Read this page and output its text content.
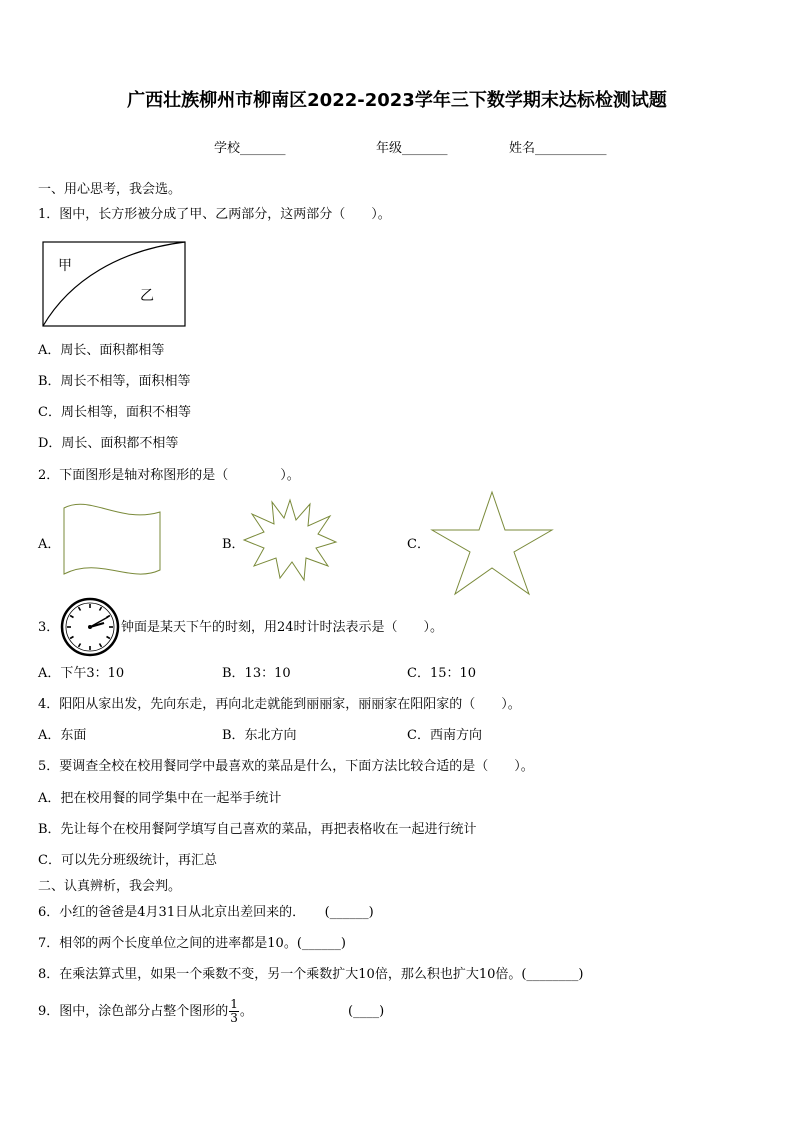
广西壮族柳州市柳南区2022-2023学年三下数学期末达标检测试题
学校_______	年级_______	姓名___________
一、用心思考，我会选。
1．图中，长方形被分成了甲、乙两部分，这两部分（　　）。
甲
乙
A．周长、面积都相等
B．周长不相等，面积相等
C．周长相等，面积不相等
D．周长、面积都不相等
2．下面图形是轴对称图形的是（　　　　）。
A．	B．	C．
3．	钟面是某天下午的时刻，用24时计时法表示是（　　）。
A．下午3：10	B．13：10	C．15：10
4．阳阳从家出发，先向东走，再向北走就能到丽丽家，丽丽家在阳阳家的（　　）。
A．东面	B．东北方向	C．西南方向
5．要调查全校在校用餐同学中最喜欢的菜品是什么，下面方法比较合适的是（　　）。
A．把在校用餐的同学集中在一起举手统计
B．先让每个在校用餐阿学填写自己喜欢的菜品，再把表格收在一起进行统计
C．可以先分班级统计，再汇总
二、认真辨析，我会判。
6．小红的爸爸是4月31日从北京出差回来的．　　(______)
7．相邻的两个长度单位之间的进率都是10。(______)
8．在乘法算式里，如果一个乘数不变，另一个乘数扩大10倍，那么积也扩大10倍。(________)
9．图中，涂色部分占整个图形的 $\frac{1}{3}$ 。	(____)
